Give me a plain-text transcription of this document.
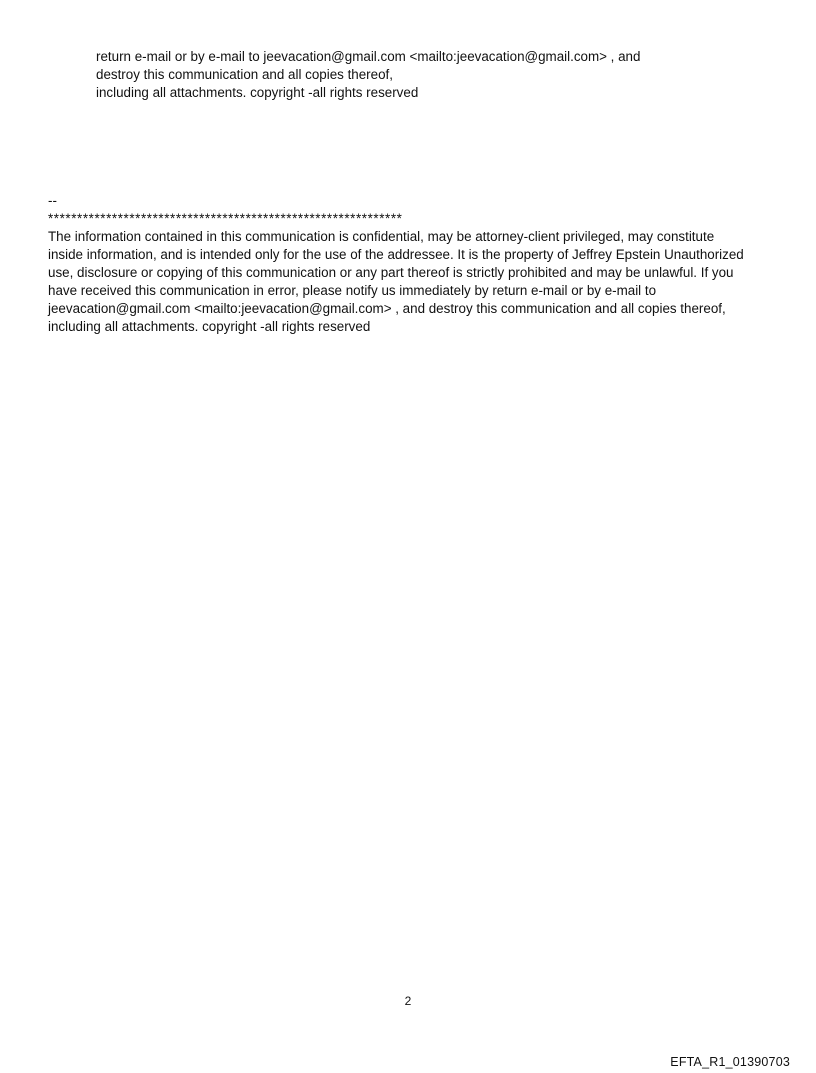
return e-mail or by e-mail to jeevacation@gmail.com <mailto:jeevacation@gmail.com> , and
destroy this communication and all copies thereof,
including all attachments. copyright -all rights reserved
--
*************************************************************
The information contained in this communication is confidential, may be attorney-client privileged, may constitute
inside information, and is intended only for the use of the addressee. It is the property of Jeffrey Epstein Unauthorized
use, disclosure or copying of this communication or any part thereof is strictly prohibited and may be unlawful. If you
have received this communication in error, please notify us immediately by return e-mail or by e-mail to
jeevacation@gmail.com <mailto:jeevacation@gmail.com> , and destroy this communication and all copies thereof,
including all attachments. copyright -all rights reserved
2
EFTA_R1_01390703
